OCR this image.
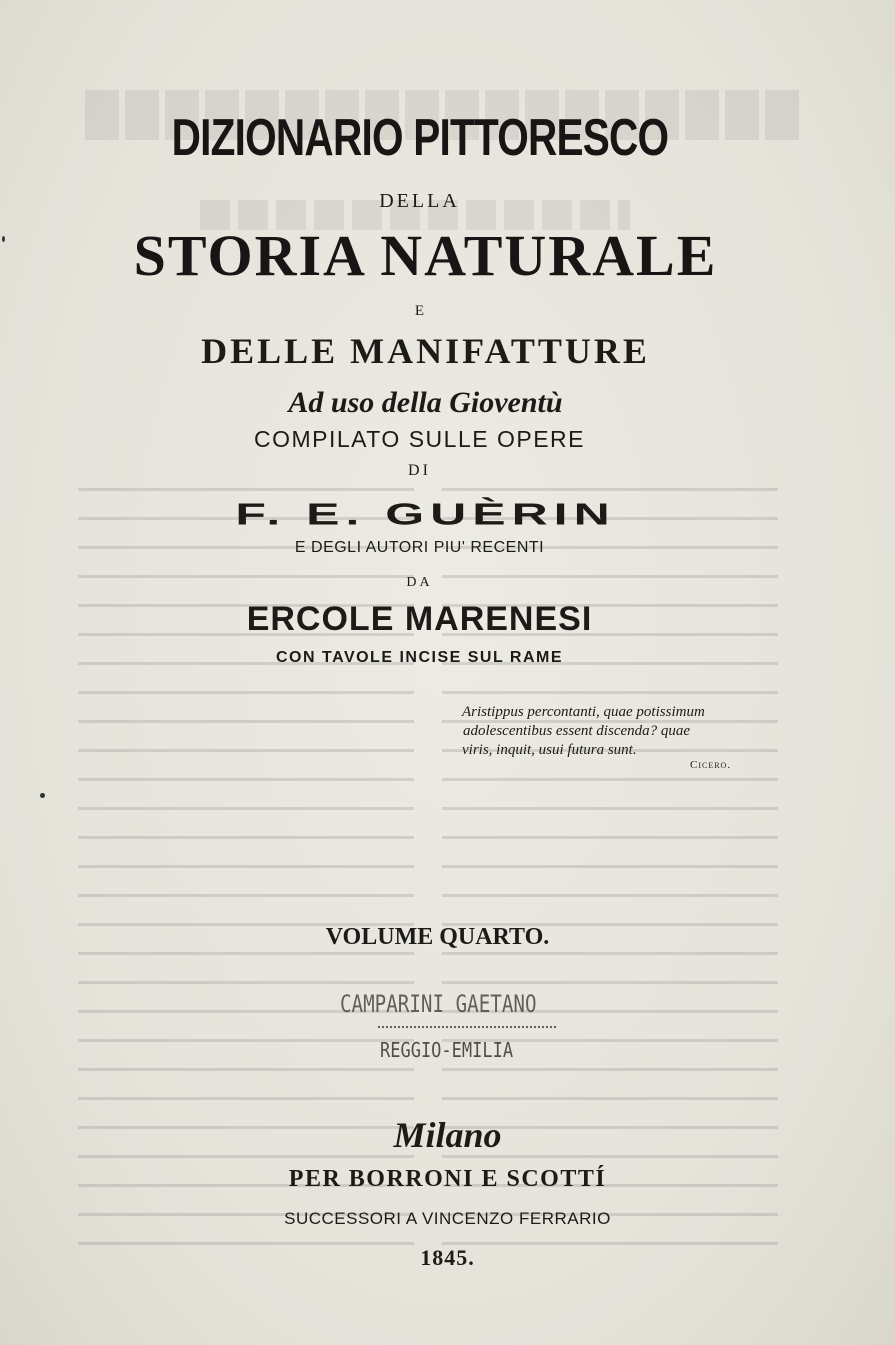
DIZIONARIO PITTORESCO
DELLA
STORIA NATURALE
E
DELLE MANIFATTURE
Ad uso della Gioventù
COMPILATO SULLE OPERE
DI
F. E. GUÈRIN
E DEGLI AUTORI PIU' RECENTI
DA
ERCOLE MARENESI
CON TAVOLE INCISE SUL RAME
Aristippus percontanti, quae potissimum
adolescentibus essent discenda? quae
viris, inquit, usui futura sunt.
Cicero.
VOLUME QUARTO.
CAMPARINI GAETANO
REGGIO-EMILIA
Milano
PER BORRONI E SCOTTÍ
SUCCESSORI A VINCENZO FERRARIO
1845.
